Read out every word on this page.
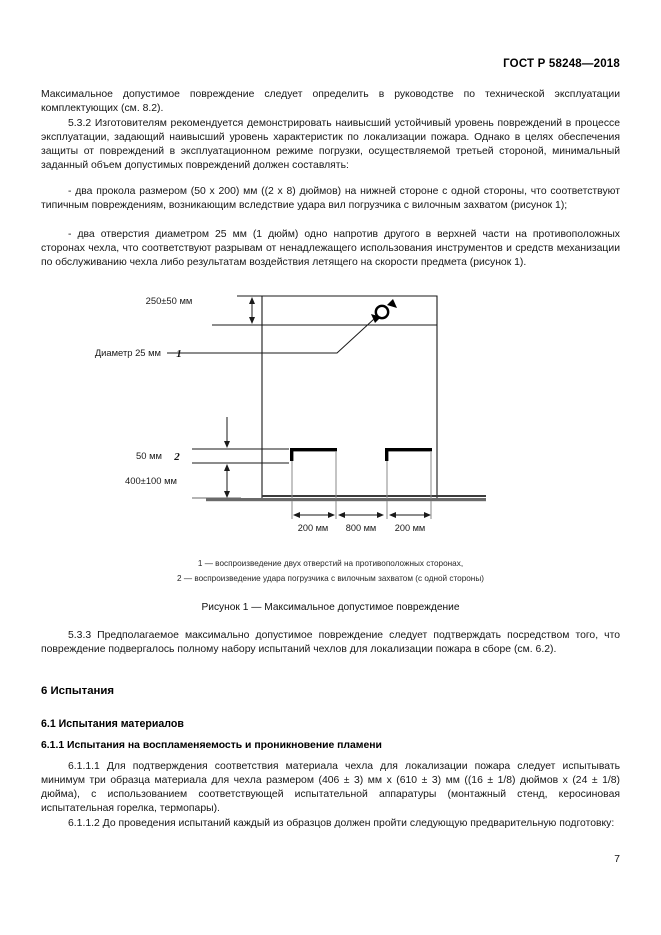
ГОСТ Р 58248—2018

Максимальное допустимое повреждение следует определить в руководстве по технической эксплуатации комплектующих (см. 8.2).

5.3.2 Изготовителям рекомендуется демонстрировать наивысший устойчивый уровень повреждений в процессе эксплуатации, задающий наивысший уровень характеристик по локализации пожара. Однако в целях обеспечения защиты от повреждений в эксплуатационном режиме погрузки, осуществляемой третьей стороной, минимальный заданный объем допустимых повреждений должен составлять:

- два прокола размером (50 х 200) мм ((2 х 8) дюймов) на нижней стороне с одной стороны, что соответствуют типичным повреждениям, возникающим вследствие удара вил погрузчика с вилочным захватом (рисунок 1);

- два отверстия диаметром 25 мм (1 дюйм) одно напротив другого в верхней части на противоположных сторонах чехла, что соответствуют разрывам от ненадлежащего использования инструментов и средств механизации по обслуживанию чехла либо результатам воздействия летящего на скорости предмета (рисунок 1).

250±50 мм
Диаметр 25 мм 1
50 мм 2
400±100 мм
200 мм 800 мм 200 мм
1 — воспроизведение двух отверстий на противоположных сторонах,
2 — воспроизведение удара погрузчика с вилочным захватом (с одной стороны)
Рисунок 1 — Максимальное допустимое повреждение

5.3.3 Предполагаемое максимально допустимое повреждение следует подтверждать посредством того, что повреждение подвергалось полному набору испытаний чехлов для локализации пожара в сборе (см. 6.2).

6 Испытания
6.1 Испытания материалов
6.1.1 Испытания на воспламеняемость и проникновение пламени

6.1.1.1 Для подтверждения соответствия материала чехла для локализации пожара следует испытывать минимум три образца материала для чехла размером (406 ± 3) мм х (610 ± 3) мм ((16 ± 1/8) дюймов х (24 ± 1/8) дюйма), с использованием соответствующей испытательной аппаратуры (монтажный стенд, керосиновая испытательная горелка, термопары).

6.1.1.2 До проведения испытаний каждый из образцов должен пройти следующую предварительную подготовку:

7
